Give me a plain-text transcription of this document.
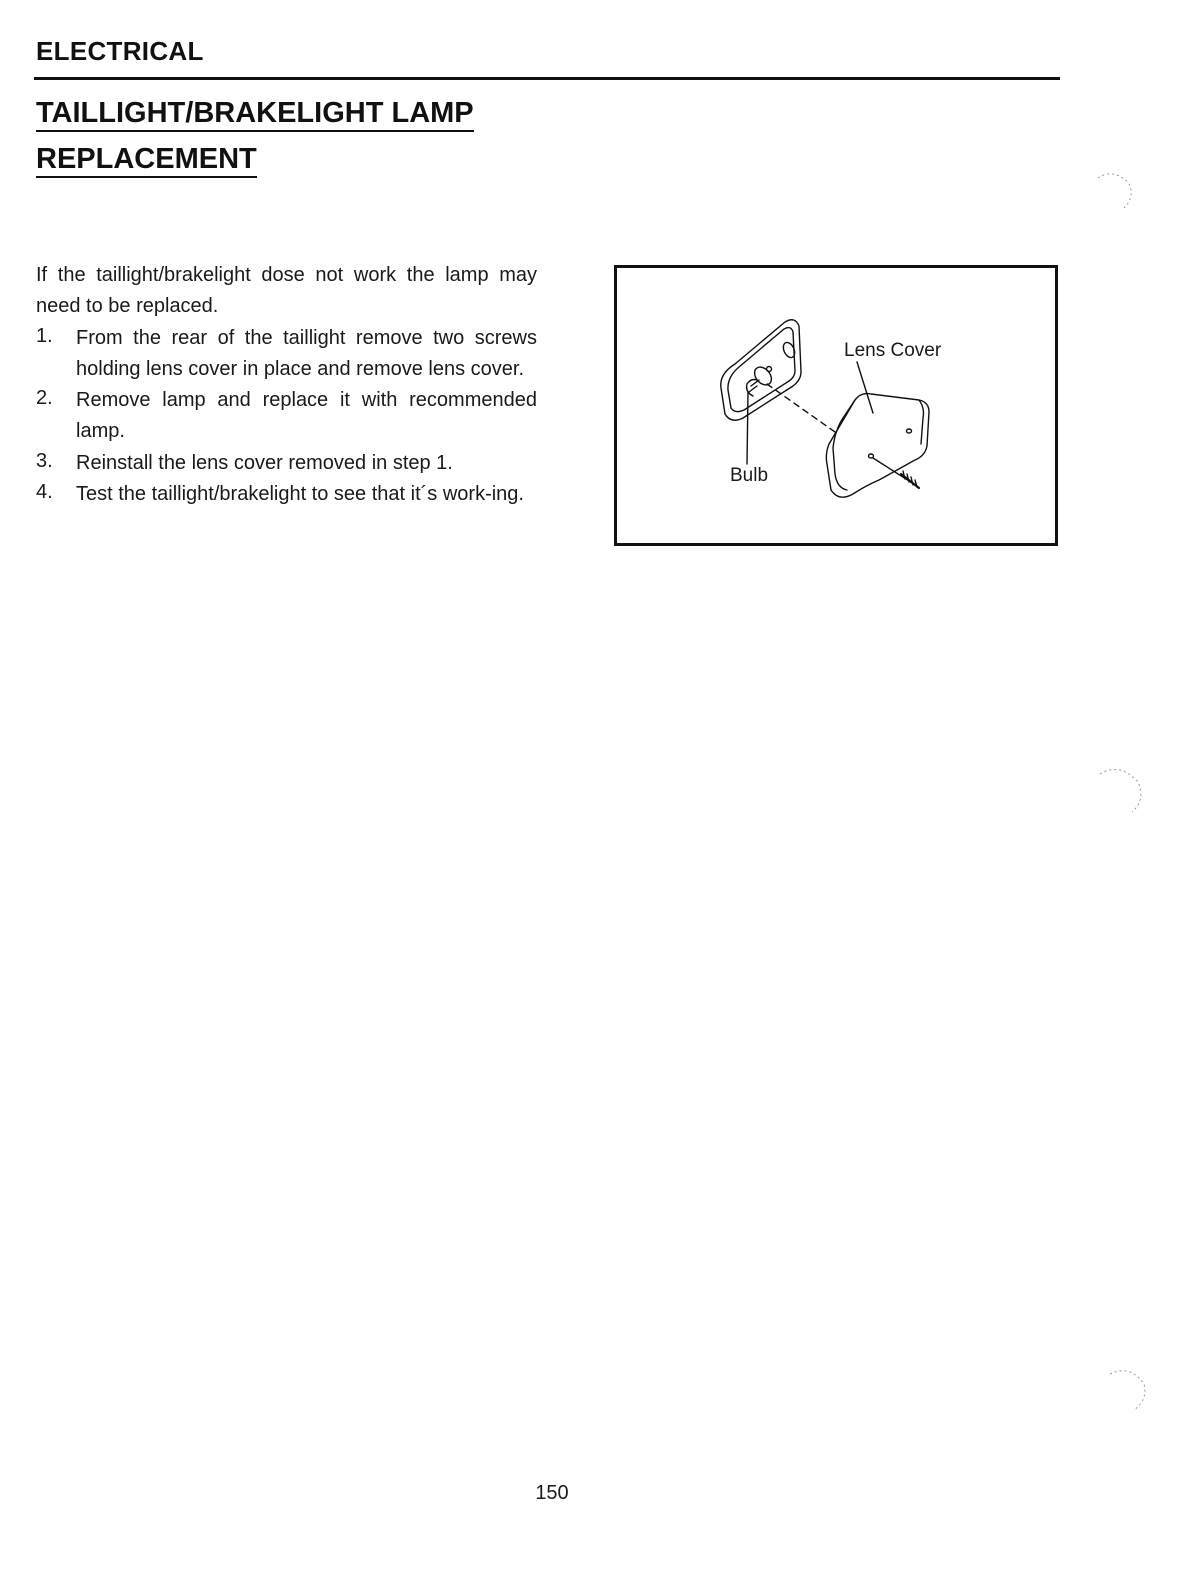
ELECTRICAL
TAILLIGHT/BRAKELIGHT LAMP
REPLACEMENT

If the taillight/brakelight dose not work the lamp may need to be replaced.

1. From the rear of the taillight remove two screws holding lens cover in place and remove lens cover.
2. Remove lamp and replace it with recommended lamp.
3. Reinstall the lens cover removed in step 1.
4. Test the taillight/brakelight to see that it´s work-ing.
Lens Cover
Bulb
150
